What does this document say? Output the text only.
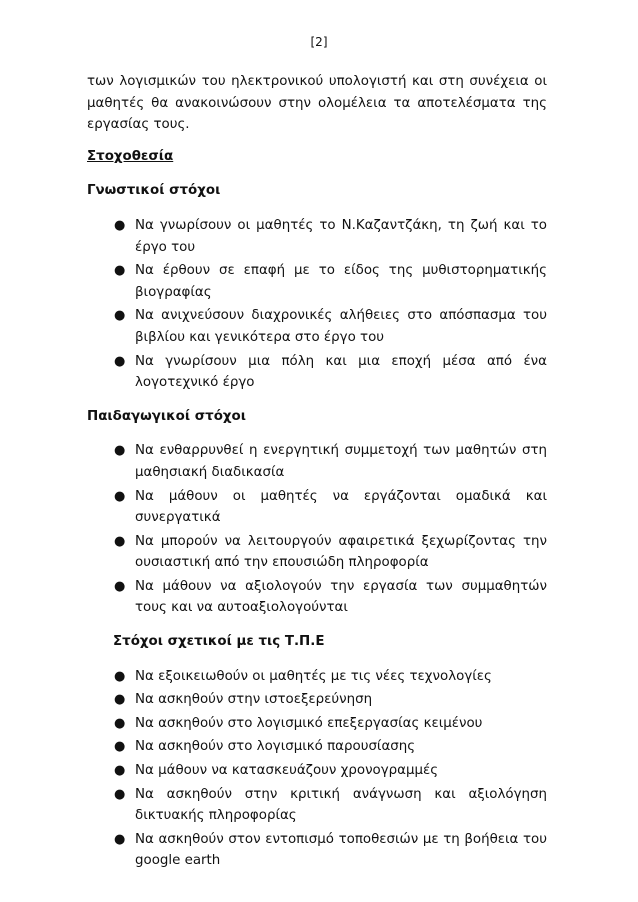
[2]

των λογισμικών του ηλεκτρονικού υπολογιστή και στη συνέχεια οι μαθητές θα ανακοινώσουν στην ολομέλεια τα αποτελέσματα της εργασίας τους.

Στοχοθεσία
Γνωστικοί στόχοι
● Να γνωρίσουν οι μαθητές το Ν.Καζαντζάκη, τη ζωή και το έργο του
● Να έρθουν σε επαφή με το είδος της μυθιστορηματικής βιογραφίας
● Να ανιχνεύσουν διαχρονικές αλήθειες στο απόσπασμα του βιβλίου και γενικότερα στο έργο του
● Να γνωρίσουν μια πόλη και μια εποχή μέσα από ένα λογοτεχνικό έργο
Παιδαγωγικοί στόχοι
● Να ενθαρρυνθεί η ενεργητική συμμετοχή των μαθητών στη μαθησιακή διαδικασία
● Να μάθουν οι μαθητές να εργάζονται ομαδικά και συνεργατικά
● Να μπορούν να λειτουργούν αφαιρετικά ξεχωρίζοντας την ουσιαστική από την επουσιώδη πληροφορία
● Να μάθουν να αξιολογούν την εργασία των συμμαθητών τους και να αυτοαξιολογούνται
Στόχοι σχετικοί με τις Τ.Π.Ε
● Να εξοικειωθούν οι μαθητές με τις νέες τεχνολογίες
● Να ασκηθούν στην ιστοεξερεύνηση
● Να ασκηθούν στο λογισμικό επεξεργασίας κειμένου
● Να ασκηθούν στο λογισμικό παρουσίασης
● Να μάθουν να κατασκευάζουν χρονογραμμές
● Να ασκηθούν στην κριτική ανάγνωση και αξιολόγηση δικτυακής πληροφορίας
● Να ασκηθούν στον εντοπισμό τοποθεσιών με τη βοήθεια του google earth
